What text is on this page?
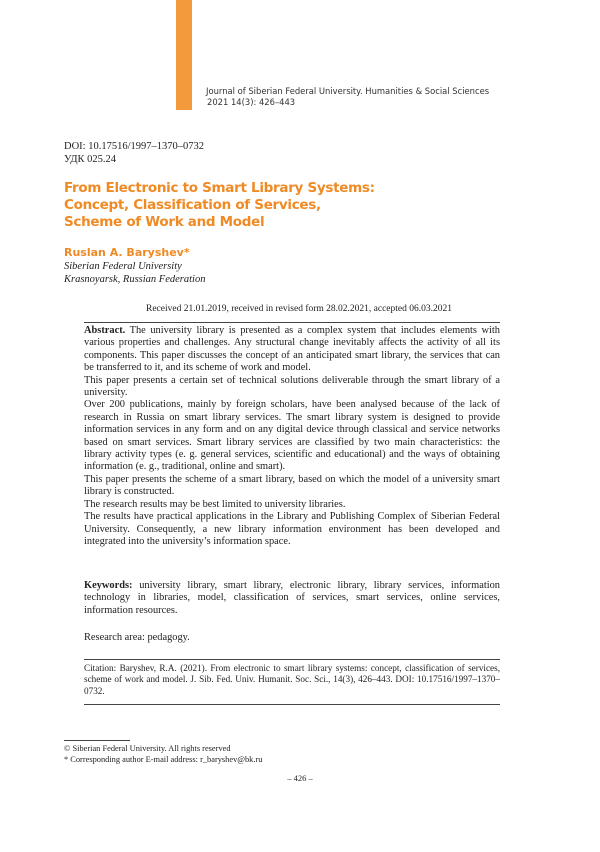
Journal of Siberian Federal University. Humanities & Social Sciences
2021 14(3): 426–443
DOI: 10.17516/1997–1370–0732
УДК 025.24
From Electronic to Smart Library Systems:
Concept, Classification of Services,
Scheme of Work and Model
Ruslan A. Baryshev*
Siberian Federal University
Krasnoyarsk, Russian Federation
Received 21.01.2019, received in revised form 28.02.2021, accepted 06.03.2021

Abstract. The university library is presented as a complex system that includes elements with various properties and challenges. Any structural change inevitably affects the activity of all its components. This paper discusses the concept of an anticipated smart library, the services that can be transferred to it, and its scheme of work and model.

This paper presents a certain set of technical solutions deliverable through the smart library of a university.

Over 200 publications, mainly by foreign scholars, have been analysed because of the lack of research in Russia on smart library services. The smart library system is designed to provide information services in any form and on any digital device through classical and service networks based on smart services. Smart library services are classified by two main characteristics: the library activity types (e. g. general services, scientific and educational) and the ways of obtaining information (e. g., traditional, online and smart).

This paper presents the scheme of a smart library, based on which the model of a university smart library is constructed.

The research results may be best limited to university libraries.

The results have practical applications in the Library and Publishing Complex of Siberian Federal University. Consequently, a new library information environment has been developed and integrated into the university’s information space.

Keywords: university library, smart library, electronic library, library services, information technology in libraries, model, classification of services, smart services, online services, information resources.
Research area: pedagogy.
Citation: Baryshev, R.A. (2021). From electronic to smart library systems: concept, classification of services, scheme of work and model. J. Sib. Fed. Univ. Humanit. Soc. Sci., 14(3), 426–443. DOI: 10.17516/1997–1370–0732.
© Siberian Federal University. All rights reserved
* Corresponding author E-mail address: r_baryshev@bk.ru
– 426 –
